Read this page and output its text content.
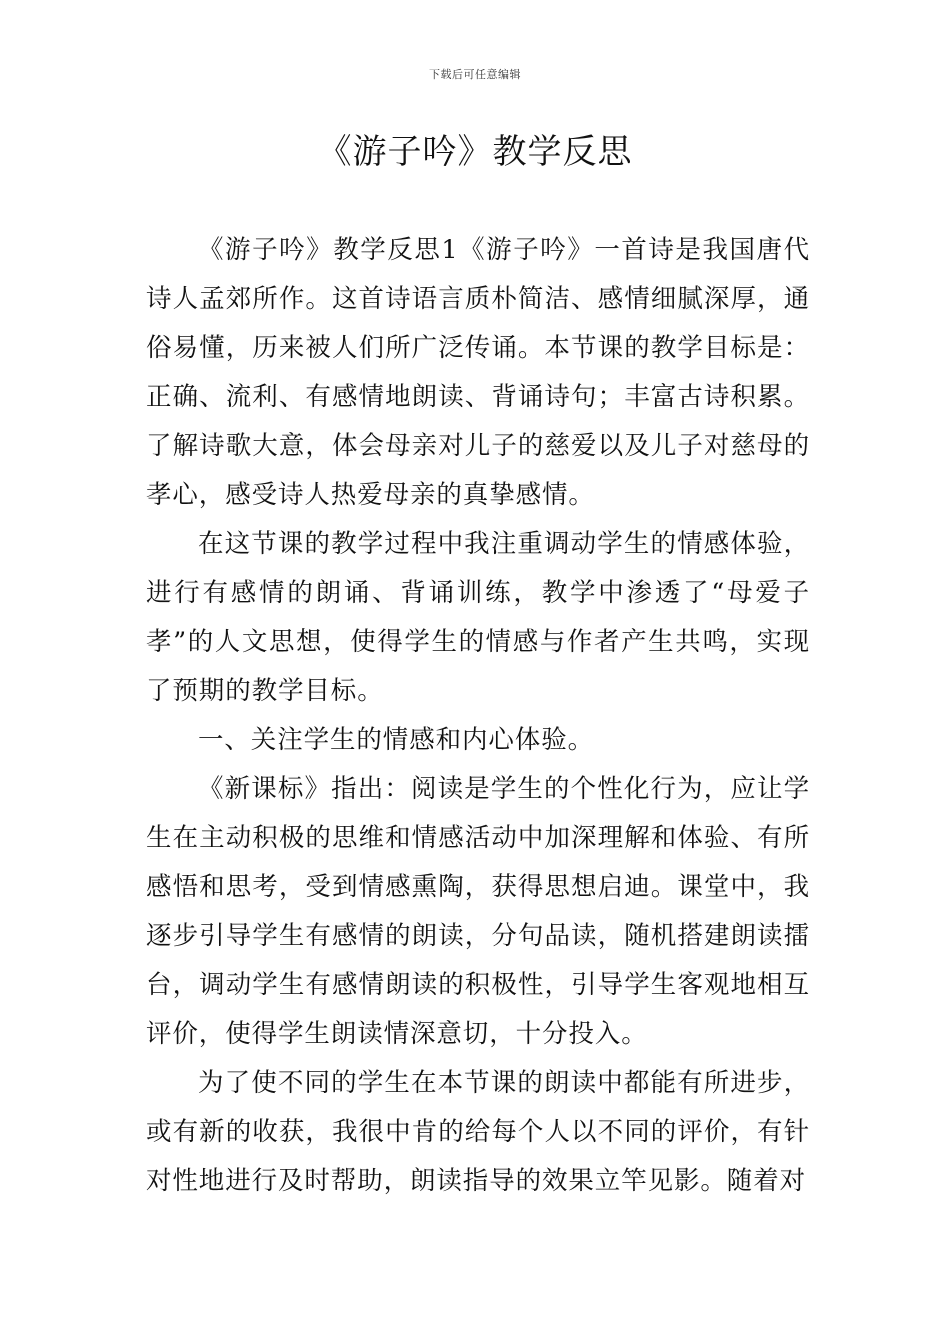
下载后可任意编辑
《游子吟》教学反思

《游子吟》教学反思1《游子吟》一首诗是我国唐代诗人孟郊所作。这首诗语言质朴简洁、感情细腻深厚，通俗易懂，历来被人们所广泛传诵。本节课的教学目标是：正确、流利、有感情地朗读、背诵诗句；丰富古诗积累。了解诗歌大意，体会母亲对儿子的慈爱以及儿子对慈母的孝心，感受诗人热爱母亲的真挚感情。

在这节课的教学过程中我注重调动学生的情感体验，进行有感情的朗诵、背诵训练，教学中渗透了“母爱子孝”的人文思想，使得学生的情感与作者产生共鸣，实现了预期的教学目标。

一、关注学生的情感和内心体验。

《新课标》指出：阅读是学生的个性化行为，应让学生在主动积极的思维和情感活动中加深理解和体验、有所感悟和思考，受到情感熏陶，获得思想启迪。课堂中，我逐步引导学生有感情的朗读，分句品读，随机搭建朗读擂台，调动学生有感情朗读的积极性，引导学生客观地相互评价，使得学生朗读情深意切，十分投入。

为了使不同的学生在本节课的朗读中都能有所进步，或有新的收获，我很中肯的给每个人以不同的评价，有针对性地进行及时帮助，朗读指导的效果立竿见影。随着对
